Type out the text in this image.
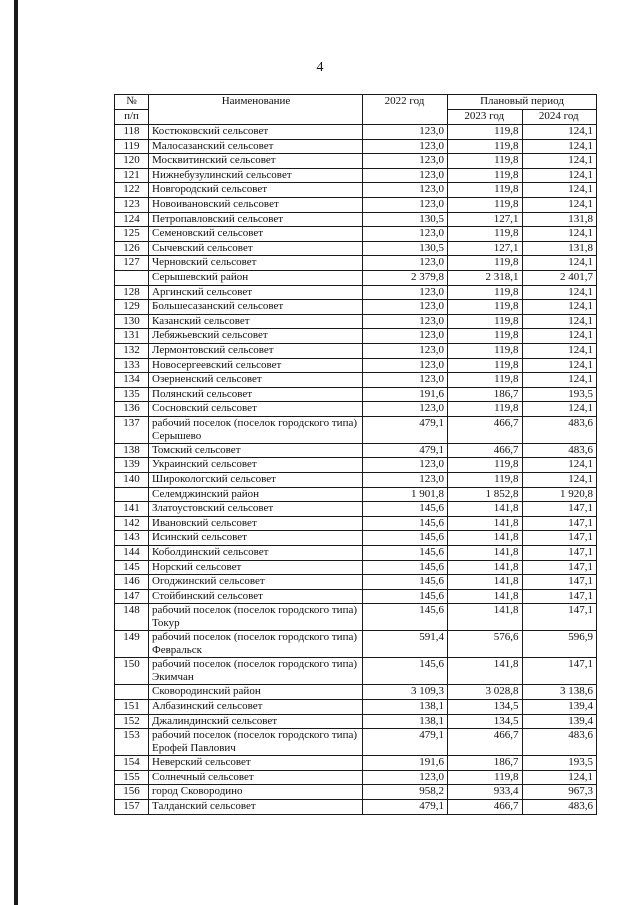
4
№	Наименование	2022 год	Плановый период	
п/п			2023 год	2024 год
118	Костюковский сельсовет	123,0	119,8	124,1
119	Малосазанский сельсовет	123,0	119,8	124,1
120	Москвитинский сельсовет	123,0	119,8	124,1
121	Нижнебузулинский сельсовет	123,0	119,8	124,1
122	Новгородский сельсовет	123,0	119,8	124,1
123	Новоивановский сельсовет	123,0	119,8	124,1
124	Петропавловский сельсовет	130,5	127,1	131,8
125	Семеновский сельсовет	123,0	119,8	124,1
126	Сычевский сельсовет	130,5	127,1	131,8
127	Черновский сельсовет	123,0	119,8	124,1
	Серышевский район	2 379,8	2 318,1	2 401,7
128	Аргинский сельсовет	123,0	119,8	124,1
129	Большесазанский сельсовет	123,0	119,8	124,1
130	Казанский сельсовет	123,0	119,8	124,1
131	Лебяжьевский сельсовет	123,0	119,8	124,1
132	Лермонтовский сельсовет	123,0	119,8	124,1
133	Новосергеевский сельсовет	123,0	119,8	124,1
134	Озерненский сельсовет	123,0	119,8	124,1
135	Полянский сельсовет	191,6	186,7	193,5
136	Сосновский сельсовет	123,0	119,8	124,1
137	рабочий поселок (поселок городского типа) Серышево	479,1	466,7	483,6
138	Томский сельсовет	479,1	466,7	483,6
139	Украинский сельсовет	123,0	119,8	124,1
140	Широкологский сельсовет	123,0	119,8	124,1
	Селемджинский район	1 901,8	1 852,8	1 920,8
141	Златоустовский сельсовет	145,6	141,8	147,1
142	Ивановский сельсовет	145,6	141,8	147,1
143	Исинский сельсовет	145,6	141,8	147,1
144	Коболдинский сельсовет	145,6	141,8	147,1
145	Норский сельсовет	145,6	141,8	147,1
146	Огоджинский сельсовет	145,6	141,8	147,1
147	Стойбинский сельсовет	145,6	141,8	147,1
148	рабочий поселок (поселок городского типа) Токур	145,6	141,8	147,1
149	рабочий поселок (поселок городского типа) Февральск	591,4	576,6	596,9
150	рабочий поселок (поселок городского типа) Экимчан	145,6	141,8	147,1
	Сковородинский район	3 109,3	3 028,8	3 138,6
151	Албазинский сельсовет	138,1	134,5	139,4
152	Джалиндинский сельсовет	138,1	134,5	139,4
153	рабочий поселок (поселок городского типа) Ерофей Павлович	479,1	466,7	483,6
154	Неверский сельсовет	191,6	186,7	193,5
155	Солнечный сельсовет	123,0	119,8	124,1
156	город Сковородино	958,2	933,4	967,3
157	Талданский сельсовет	479,1	466,7	483,6
